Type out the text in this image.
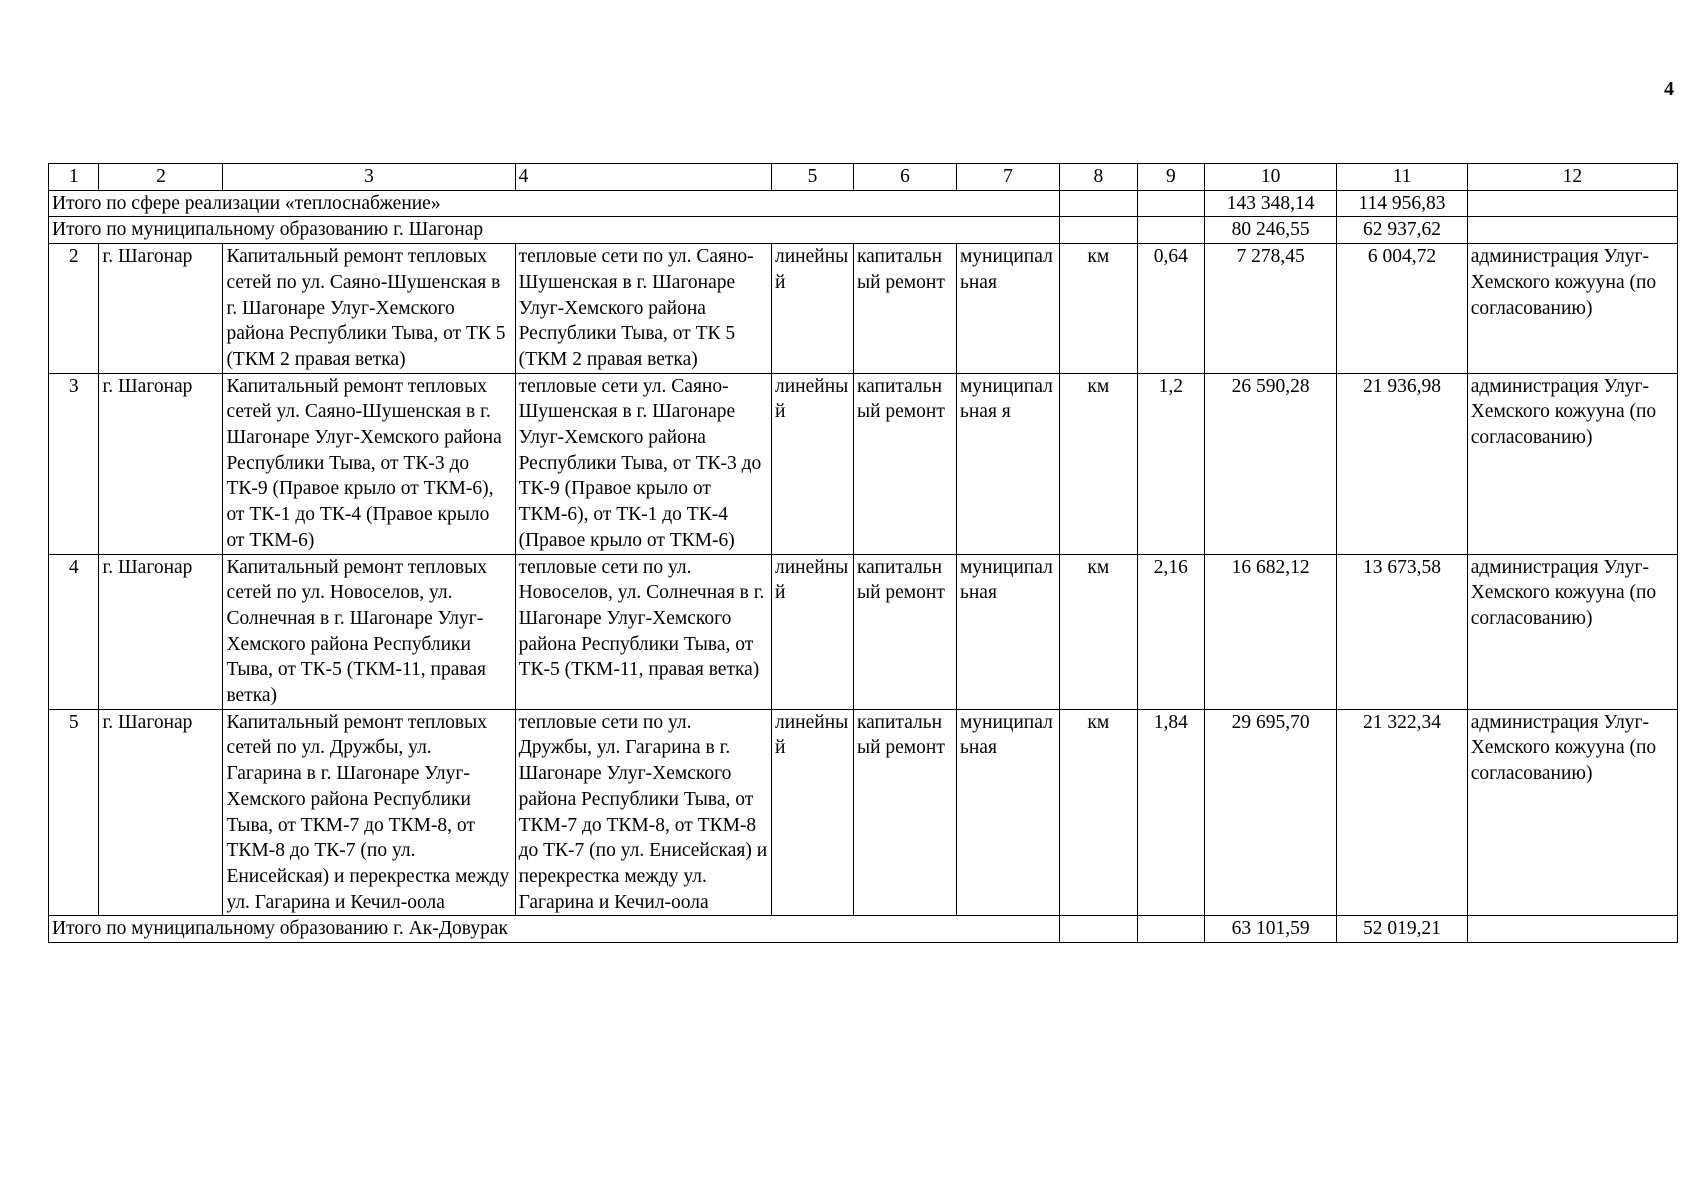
4
1	2	3	4	5	6	7	8	9	10	11	12
Итого по сфере реализации «теплоснабжение»									143 348,14	114 956,83	
Итого по муниципальному образованию г. Шагонар									80 246,55	62 937,62	
2	г. Шагонар	Капитальный ремонт тепловых сетей по ул. Саяно-Шушенская в г. Шагонаре Улуг-Хемского района Республики Тыва, от ТК 5 (ТКМ 2 правая ветка)	тепловые сети по ул. Саяно-Шушенская в г. Шагонаре Улуг-Хемского района Республики Тыва, от ТК 5 (ТКМ 2 правая ветка)	линейный	капитальный ремонт	муниципальная	км	0,64	7 278,45	6 004,72	администрация Улуг-Хемского кожууна (по согласованию)
3	г. Шагонар	Капитальный ремонт тепловых сетей ул. Саяно-Шушенская в г. Шагонаре Улуг-Хемского района Республики Тыва, от ТК-3 до ТК-9 (Правое крыло от ТКМ-6), от ТК-1 до ТК-4 (Правое крыло от ТКМ-6)	тепловые сети ул. Саяно-Шушенская в г. Шагонаре Улуг-Хемского района Республики Тыва, от ТК-3 до ТК-9 (Правое крыло от ТКМ-6), от ТК-1 до ТК-4 (Правое крыло от ТКМ-6)	линейный	капитальный ремонт	муниципальная я	км	1,2	26 590,28	21 936,98	администрация Улуг-Хемского кожууна (по согласованию)
4	г. Шагонар	Капитальный ремонт тепловых сетей по ул. Новоселов, ул. Солнечная в г. Шагонаре Улуг-Хемского района Республики Тыва, от ТК-5 (ТКМ-11, правая ветка)	тепловые сети по ул. Новоселов, ул. Солнечная в г. Шагонаре Улуг-Хемского района Республики Тыва, от ТК-5 (ТКМ-11, правая ветка)	линейный	капитальный ремонт	муниципальная	км	2,16	16 682,12	13 673,58	администрация Улуг-Хемского кожууна (по согласованию)
5	г. Шагонар	Капитальный ремонт тепловых сетей по ул. Дружбы, ул. Гагарина в г. Шагонаре Улуг-Хемского района Республики Тыва, от ТКМ-7 до ТКМ-8, от ТКМ-8 до ТК-7 (по ул. Енисейская) и перекрестка между ул. Гагарина и Кечил-оола	тепловые сети по ул. Дружбы, ул. Гагарина в г. Шагонаре Улуг-Хемского района Республики Тыва, от ТКМ-7 до ТКМ-8, от ТКМ-8 до ТК-7 (по ул. Енисейская) и перекрестка между ул. Гагарина и Кечил-оола	линейный	капитальный ремонт	муниципальная	км	1,84	29 695,70	21 322,34	администрация Улуг-Хемского кожууна (по согласованию)
Итого по муниципальному образованию г. Ак-Довурак									63 101,59	52 019,21	
